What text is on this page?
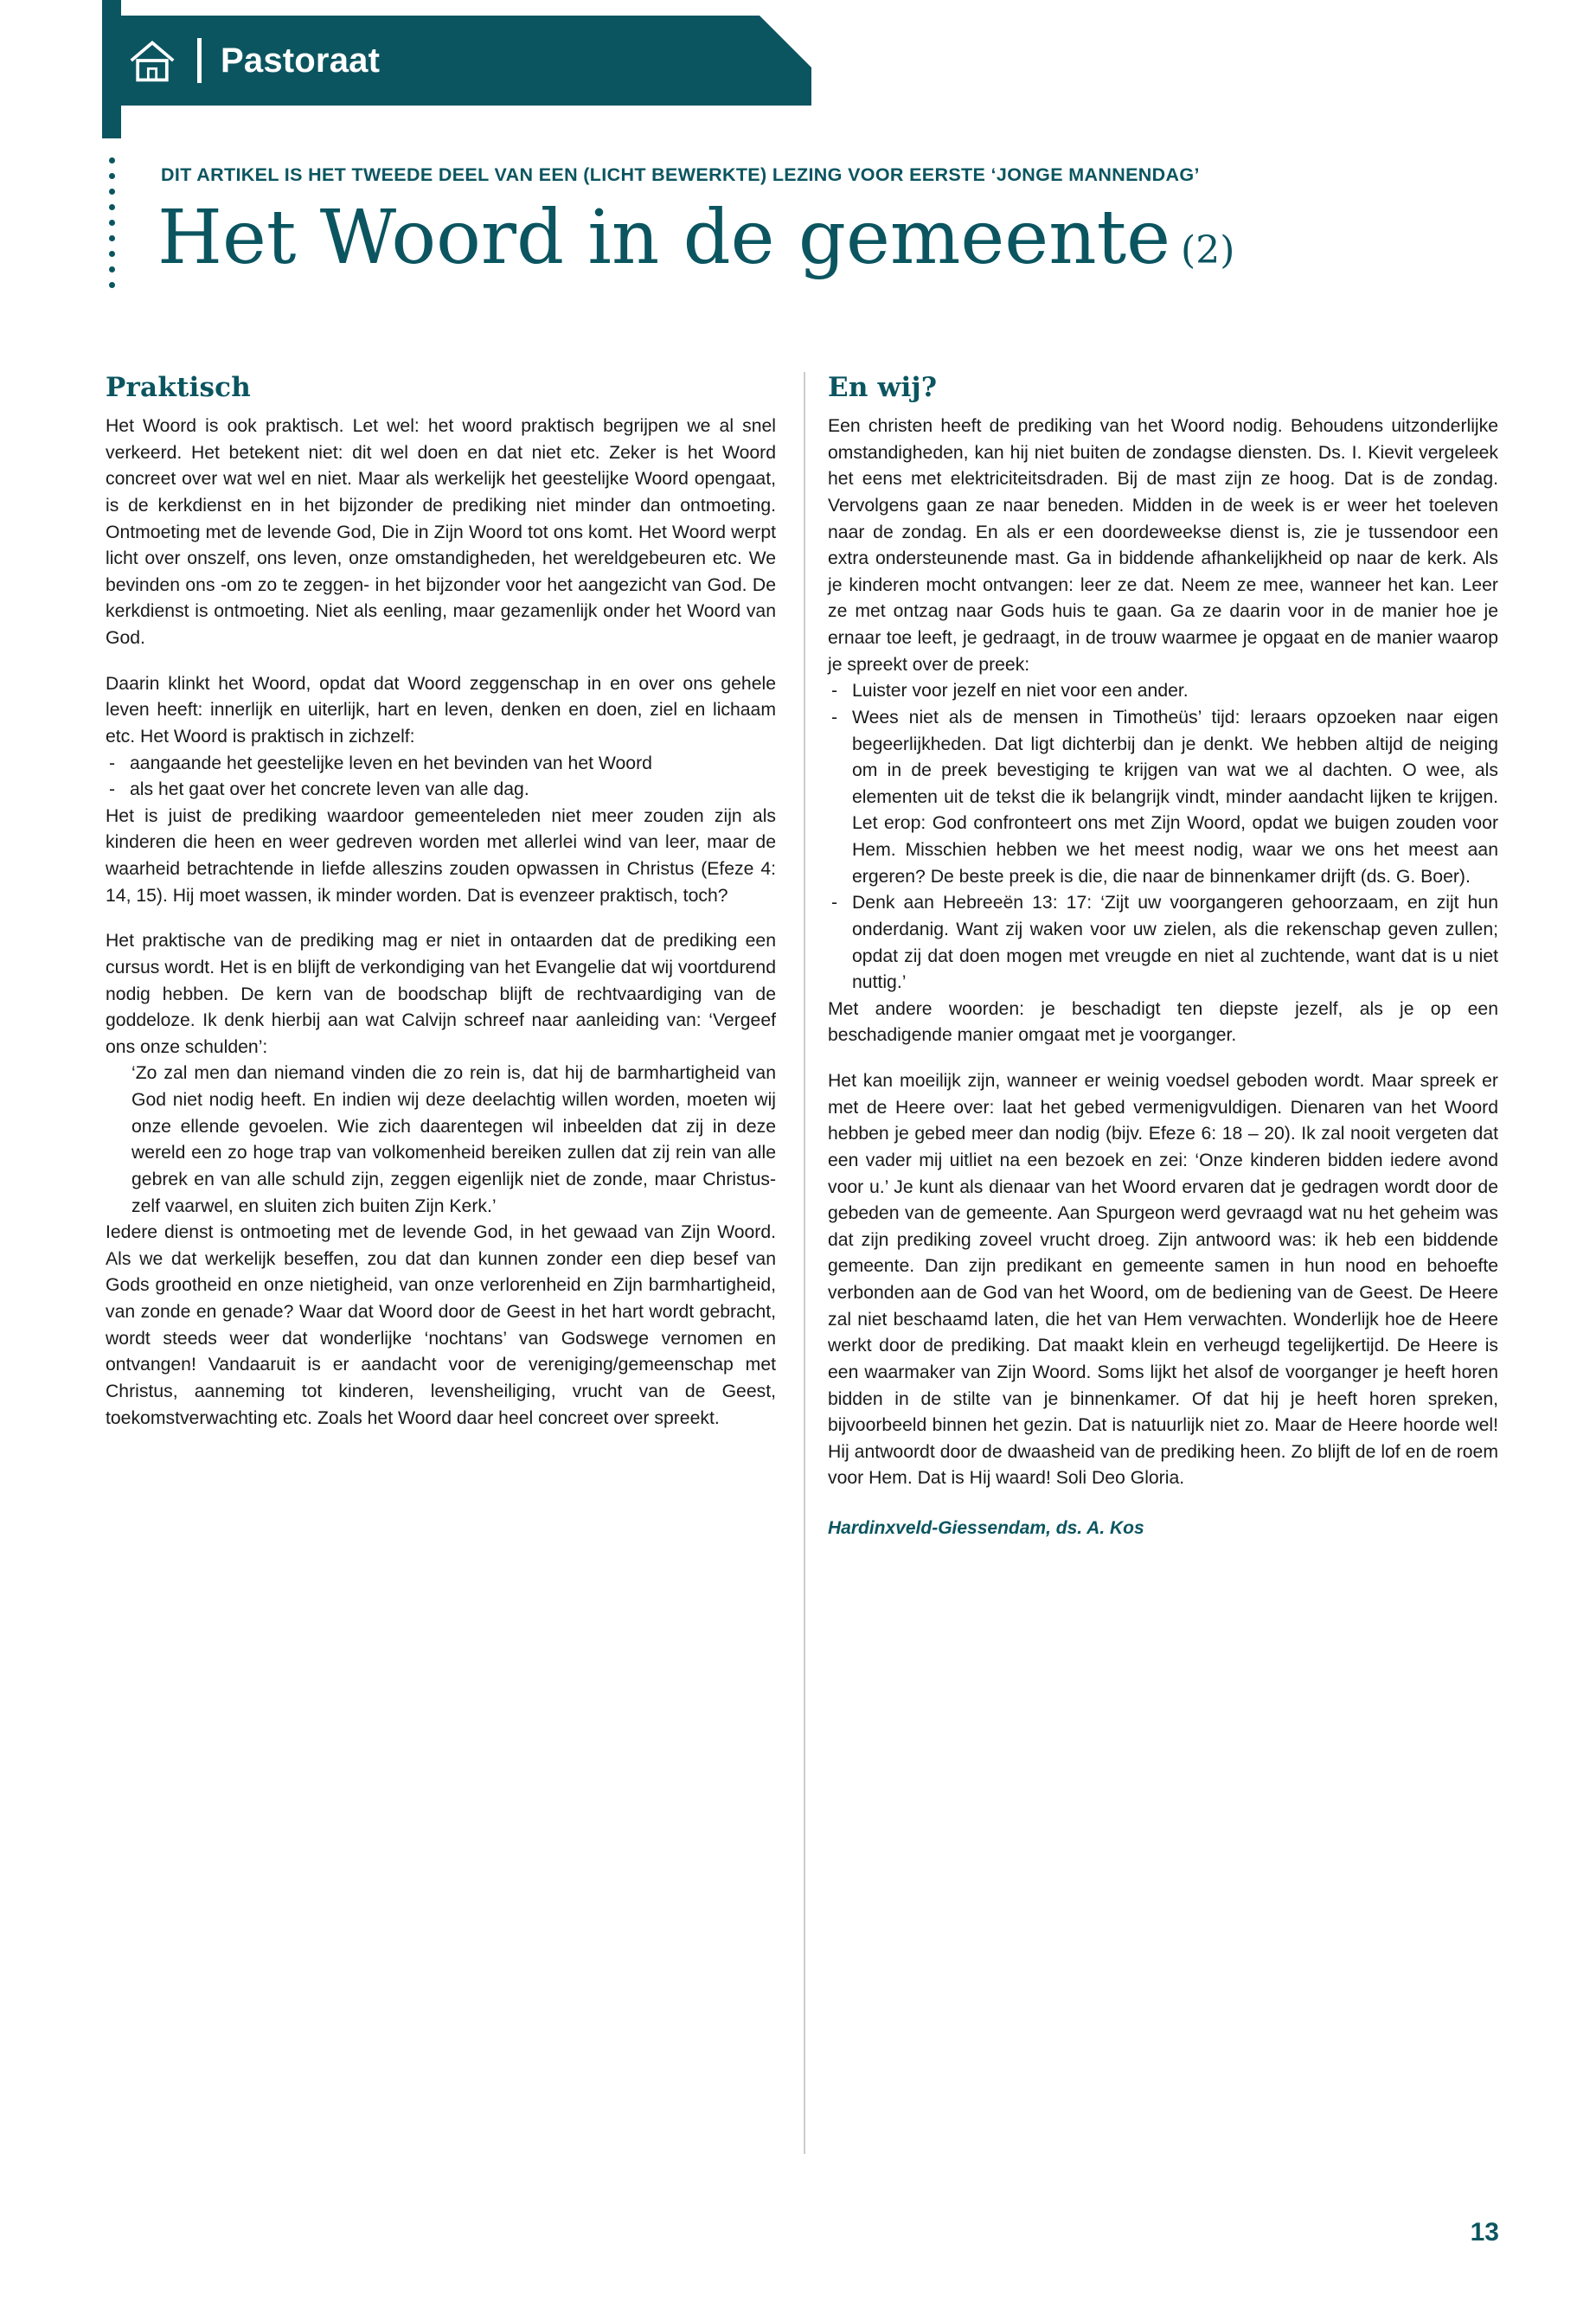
Pastoraat
DIT ARTIKEL IS HET TWEEDE DEEL VAN EEN (LICHT BEWERKTE) LEZING VOOR EERSTE ‘JONGE MANNENDAG’
Het Woord in de gemeente (2)
Praktisch

Het Woord is ook praktisch. Let wel: het woord praktisch begrijpen we al snel verkeerd. Het betekent niet: dit wel doen en dat niet etc. Zeker is het Woord concreet over wat wel en niet. Maar als werkelijk het geestelijke Woord opengaat, is de kerkdienst en in het bijzonder de prediking niet minder dan ontmoeting. Ontmoeting met de levende God, Die in Zijn Woord tot ons komt. Het Woord werpt licht over onszelf, ons leven, onze omstandigheden, het wereldgebeuren etc. We bevinden ons -om zo te zeggen- in het bijzonder voor het aangezicht van God. De kerkdienst is ontmoeting. Niet als eenling, maar gezamenlijk onder het Woord van God.

Daarin klinkt het Woord, opdat dat Woord zeggenschap in en over ons gehele leven heeft: innerlijk en uiterlijk, hart en leven, denken en doen, ziel en lichaam etc. Het Woord is praktisch in zichzelf:

- aangaande het geestelijke leven en het bevinden van het Woord
- als het gaat over het concrete leven van alle dag.

Het is juist de prediking waardoor gemeenteleden niet meer zouden zijn als kinderen die heen en weer gedreven worden met allerlei wind van leer, maar de waarheid betrachtende in liefde alleszins zouden opwassen in Christus (Efeze 4: 14, 15). Hij moet wassen, ik minder worden. Dat is evenzeer praktisch, toch?

Het praktische van de prediking mag er niet in ontaarden dat de prediking een cursus wordt. Het is en blijft de verkondiging van het Evangelie dat wij voortdurend nodig hebben. De kern van de boodschap blijft de rechtvaardiging van de goddeloze. Ik denk hierbij aan wat Calvijn schreef naar aanleiding van: ‘Vergeef ons onze schulden’:

‘Zo zal men dan niemand vinden die zo rein is, dat hij de barmhartigheid van God niet nodig heeft. En indien wij deze deelachtig willen worden, moeten wij onze ellende gevoelen. Wie zich daarentegen wil inbeelden dat zij in deze wereld een zo hoge trap van volkomenheid bereiken zullen dat zij rein van alle gebrek en van alle schuld zijn, zeggen eigenlijk niet de zonde, maar Christus-zelf vaarwel, en sluiten zich buiten Zijn Kerk.’

Iedere dienst is ontmoeting met de levende God, in het gewaad van Zijn Woord. Als we dat werkelijk beseffen, zou dat dan kunnen zonder een diep besef van Gods grootheid en onze nietigheid, van onze verlorenheid en Zijn barmhartigheid, van zonde en genade? Waar dat Woord door de Geest in het hart wordt gebracht, wordt steeds weer dat wonderlijke ‘nochtans’ van Godswege vernomen en ontvangen! Vandaaruit is er aandacht voor de vereniging/gemeenschap met Christus, aanneming tot kinderen, levensheiliging, vrucht van de Geest, toekomstverwachting etc. Zoals het Woord daar heel concreet over spreekt.

En wij?

Een christen heeft de prediking van het Woord nodig. Behoudens uitzonderlijke omstandigheden, kan hij niet buiten de zondagse diensten. Ds. I. Kievit vergeleek het eens met elektriciteitsdraden. Bij de mast zijn ze hoog. Dat is de zondag. Vervolgens gaan ze naar beneden. Midden in de week is er weer het toeleven naar de zondag. En als er een doordeweekse dienst is, zie je tussendoor een extra ondersteunende mast. Ga in biddende afhankelijkheid op naar de kerk. Als je kinderen mocht ontvangen: leer ze dat. Neem ze mee, wanneer het kan. Leer ze met ontzag naar Gods huis te gaan. Ga ze daarin voor in de manier hoe je ernaar toe leeft, je gedraagt, in de trouw waarmee je opgaat en de manier waarop je spreekt over de preek:

- Luister voor jezelf en niet voor een ander.
- Wees niet als de mensen in Timotheüs’ tijd: leraars opzoeken naar eigen begeerlijkheden. Dat ligt dichterbij dan je denkt. We hebben altijd de neiging om in de preek bevestiging te krijgen van wat we al dachten. O wee, als elementen uit de tekst die ik belangrijk vindt, minder aandacht lijken te krijgen. Let erop: God confronteert ons met Zijn Woord, opdat we buigen zouden voor Hem. Misschien hebben we het meest nodig, waar we ons het meest aan ergeren? De beste preek is die, die naar de binnenkamer drijft (ds. G. Boer).
- Denk aan Hebreeën 13: 17: ‘Zijt uw voorgangeren gehoorzaam, en zijt hun onderdanig. Want zij waken voor uw zielen, als die rekenschap geven zullen; opdat zij dat doen mogen met vreugde en niet al zuchtende, want dat is u niet nuttig.’

Met andere woorden: je beschadigt ten diepste jezelf, als je op een beschadigende manier omgaat met je voorganger.

Het kan moeilijk zijn, wanneer er weinig voedsel geboden wordt. Maar spreek er met de Heere over: laat het gebed vermenigvuldigen. Dienaren van het Woord hebben je gebed meer dan nodig (bijv. Efeze 6: 18 – 20). Ik zal nooit vergeten dat een vader mij uitliet na een bezoek en zei: ‘Onze kinderen bidden iedere avond voor u.’ Je kunt als dienaar van het Woord ervaren dat je gedragen wordt door de gebeden van de gemeente. Aan Spurgeon werd gevraagd wat nu het geheim was dat zijn prediking zoveel vrucht droeg. Zijn antwoord was: ik heb een biddende gemeente. Dan zijn predikant en gemeente samen in hun nood en behoefte verbonden aan de God van het Woord, om de bediening van de Geest. De Heere zal niet beschaamd laten, die het van Hem verwachten. Wonderlijk hoe de Heere werkt door de prediking. Dat maakt klein en verheugd tegelijkertijd. De Heere is een waarmaker van Zijn Woord. Soms lijkt het alsof de voorganger je heeft horen bidden in de stilte van je binnenkamer. Of dat hij je heeft horen spreken, bijvoorbeeld binnen het gezin. Dat is natuurlijk niet zo. Maar de Heere hoorde wel! Hij antwoordt door de dwaasheid van de prediking heen. Zo blijft de lof en de roem voor Hem. Dat is Hij waard! Soli Deo Gloria.

Hardinxveld-Giessendam, ds. A. Kos
13
